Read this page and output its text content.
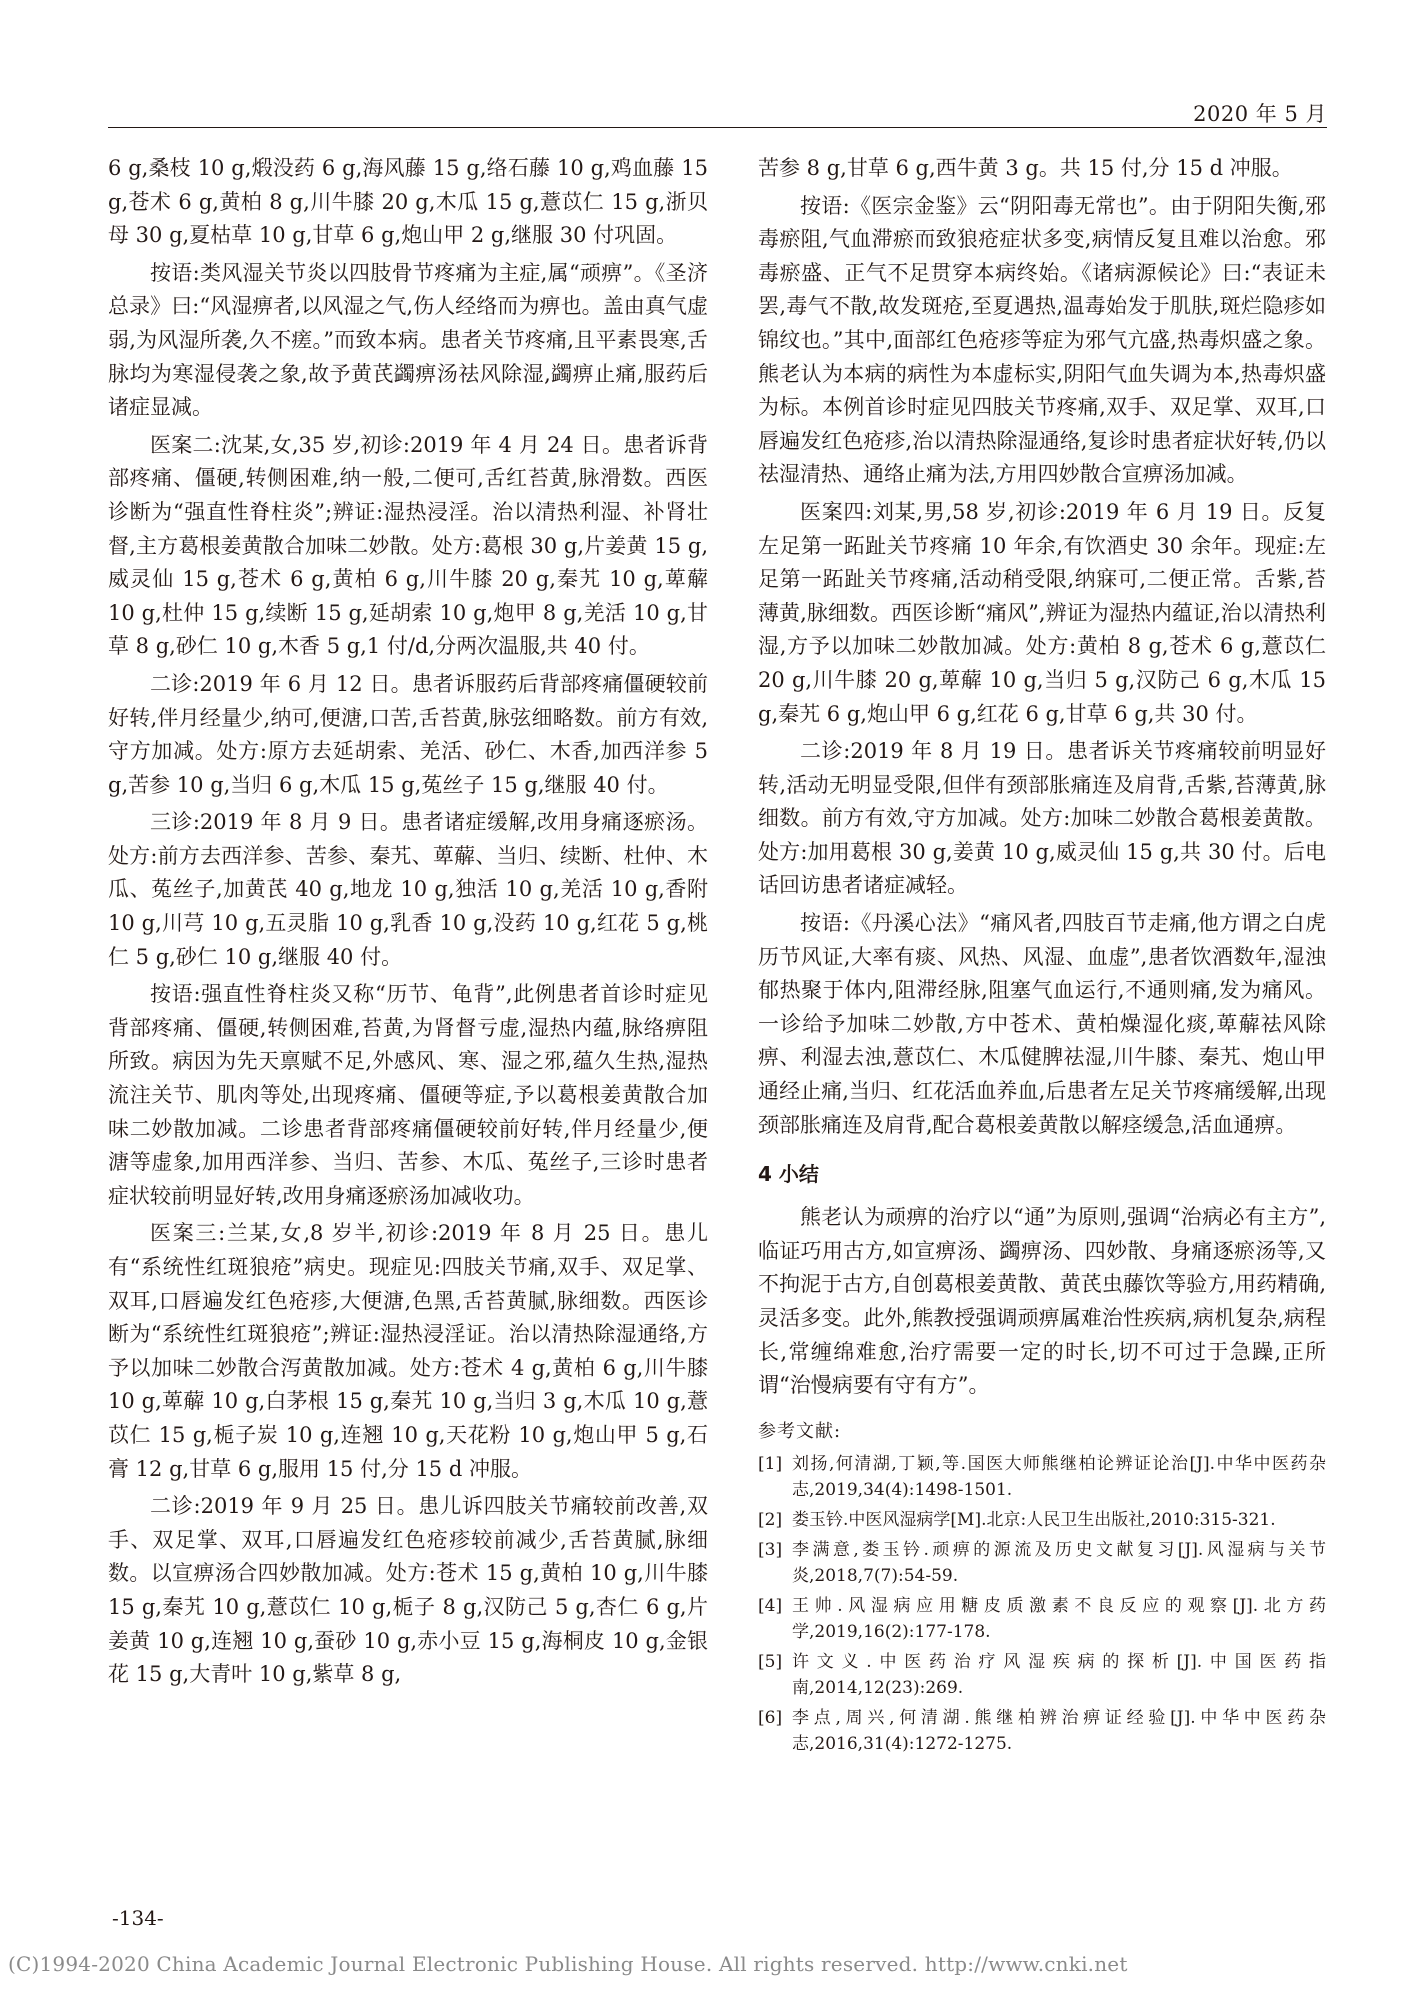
2020 年 5 月

6 g,桑枝 10 g,煅没药 6 g,海风藤 15 g,络石藤 10 g,鸡血藤 15 g,苍术 6 g,黄柏 8 g,川牛膝 20 g,木瓜 15 g,薏苡仁 15 g,浙贝母 30 g,夏枯草 10 g,甘草 6 g,炮山甲 2 g,继服 30 付巩固。

按语:类风湿关节炎以四肢骨节疼痛为主症,属“顽痹”。《圣济总录》曰:“风湿痹者,以风湿之气,伤人经络而为痹也。盖由真气虚弱,为风湿所袭,久不瘥。”而致本病。患者关节疼痛,且平素畏寒,舌脉均为寒湿侵袭之象,故予黄芪蠲痹汤祛风除湿,蠲痹止痛,服药后诸症显减。

医案二:沈某,女,35 岁,初诊:2019 年 4 月 24 日。患者诉背部疼痛、僵硬,转侧困难,纳一般,二便可,舌红苔黄,脉滑数。西医诊断为“强直性脊柱炎”;辨证:湿热浸淫。治以清热利湿、补肾壮督,主方葛根姜黄散合加味二妙散。处方:葛根 30 g,片姜黄 15 g,威灵仙 15 g,苍术 6 g,黄柏 6 g,川牛膝 20 g,秦艽 10 g,萆薢 10 g,杜仲 15 g,续断 15 g,延胡索 10 g,炮甲 8 g,羌活 10 g,甘草 8 g,砂仁 10 g,木香 5 g,1 付/d,分两次温服,共 40 付。

二诊:2019 年 6 月 12 日。患者诉服药后背部疼痛僵硬较前好转,伴月经量少,纳可,便溏,口苦,舌苔黄,脉弦细略数。前方有效,守方加减。处方:原方去延胡索、羌活、砂仁、木香,加西洋参 5 g,苦参 10 g,当归 6 g,木瓜 15 g,菟丝子 15 g,继服 40 付。

三诊:2019 年 8 月 9 日。患者诸症缓解,改用身痛逐瘀汤。处方:前方去西洋参、苦参、秦艽、萆薢、当归、续断、杜仲、木瓜、菟丝子,加黄芪 40 g,地龙 10 g,独活 10 g,羌活 10 g,香附 10 g,川芎 10 g,五灵脂 10 g,乳香 10 g,没药 10 g,红花 5 g,桃仁 5 g,砂仁 10 g,继服 40 付。

按语:强直性脊柱炎又称“历节、龟背”,此例患者首诊时症见背部疼痛、僵硬,转侧困难,苔黄,为肾督亏虚,湿热内蕴,脉络痹阻所致。病因为先天禀赋不足,外感风、寒、湿之邪,蕴久生热,湿热流注关节、肌肉等处,出现疼痛、僵硬等症,予以葛根姜黄散合加味二妙散加减。二诊患者背部疼痛僵硬较前好转,伴月经量少,便溏等虚象,加用西洋参、当归、苦参、木瓜、菟丝子,三诊时患者症状较前明显好转,改用身痛逐瘀汤加减收功。

医案三:兰某,女,8 岁半,初诊:2019 年 8 月 25 日。患儿有“系统性红斑狼疮”病史。现症见:四肢关节痛,双手、双足掌、双耳,口唇遍发红色疮疹,大便溏,色黑,舌苔黄腻,脉细数。西医诊断为“系统性红斑狼疮”;辨证:湿热浸淫证。治以清热除湿通络,方予以加味二妙散合泻黄散加减。处方:苍术 4 g,黄柏 6 g,川牛膝 10 g,萆薢 10 g,白茅根 15 g,秦艽 10 g,当归 3 g,木瓜 10 g,薏苡仁 15 g,栀子炭 10 g,连翘 10 g,天花粉 10 g,炮山甲 5 g,石膏 12 g,甘草 6 g,服用 15 付,分 15 d 冲服。

二诊:2019 年 9 月 25 日。患儿诉四肢关节痛较前改善,双手、双足掌、双耳,口唇遍发红色疮疹较前减少,舌苔黄腻,脉细数。以宣痹汤合四妙散加减。处方:苍术 15 g,黄柏 10 g,川牛膝 15 g,秦艽 10 g,薏苡仁 10 g,栀子 8 g,汉防己 5 g,杏仁 6 g,片姜黄 10 g,连翘 10 g,蚕砂 10 g,赤小豆 15 g,海桐皮 10 g,金银花 15 g,大青叶 10 g,紫草 8 g,

苦参 8 g,甘草 6 g,西牛黄 3 g。共 15 付,分 15 d 冲服。

按语:《医宗金鉴》云“阴阳毒无常也”。由于阴阳失衡,邪毒瘀阻,气血滞瘀而致狼疮症状多变,病情反复且难以治愈。邪毒瘀盛、正气不足贯穿本病终始。《诸病源候论》曰:“表证未罢,毒气不散,故发斑疮,至夏遇热,温毒始发于肌肤,斑烂隐疹如锦纹也。”其中,面部红色疮疹等症为邪气亢盛,热毒炽盛之象。熊老认为本病的病性为本虚标实,阴阳气血失调为本,热毒炽盛为标。本例首诊时症见四肢关节疼痛,双手、双足掌、双耳,口唇遍发红色疮疹,治以清热除湿通络,复诊时患者症状好转,仍以祛湿清热、通络止痛为法,方用四妙散合宣痹汤加减。

医案四:刘某,男,58 岁,初诊:2019 年 6 月 19 日。反复左足第一跖趾关节疼痛 10 年余,有饮酒史 30 余年。现症:左足第一跖趾关节疼痛,活动稍受限,纳寐可,二便正常。舌紫,苔薄黄,脉细数。西医诊断“痛风”,辨证为湿热内蕴证,治以清热利湿,方予以加味二妙散加减。处方:黄柏 8 g,苍术 6 g,薏苡仁 20 g,川牛膝 20 g,萆薢 10 g,当归 5 g,汉防己 6 g,木瓜 15 g,秦艽 6 g,炮山甲 6 g,红花 6 g,甘草 6 g,共 30 付。

二诊:2019 年 8 月 19 日。患者诉关节疼痛较前明显好转,活动无明显受限,但伴有颈部胀痛连及肩背,舌紫,苔薄黄,脉细数。前方有效,守方加减。处方:加味二妙散合葛根姜黄散。处方:加用葛根 30 g,姜黄 10 g,威灵仙 15 g,共 30 付。后电话回访患者诸症减轻。

按语:《丹溪心法》“痛风者,四肢百节走痛,他方谓之白虎历节风证,大率有痰、风热、风湿、血虚”,患者饮酒数年,湿浊郁热聚于体内,阻滞经脉,阻塞气血运行,不通则痛,发为痛风。一诊给予加味二妙散,方中苍术、黄柏燥湿化痰,萆薢祛风除痹、利湿去浊,薏苡仁、木瓜健脾祛湿,川牛膝、秦艽、炮山甲通经止痛,当归、红花活血养血,后患者左足关节疼痛缓解,出现颈部胀痛连及肩背,配合葛根姜黄散以解痉缓急,活血通痹。

4 小结

熊老认为顽痹的治疗以“通”为原则,强调“治病必有主方”,临证巧用古方,如宣痹汤、蠲痹汤、四妙散、身痛逐瘀汤等,又不拘泥于古方,自创葛根姜黄散、黄芪虫藤饮等验方,用药精确,灵活多变。此外,熊教授强调顽痹属难治性疾病,病机复杂,病程长,常缠绵难愈,治疗需要一定的时长,切不可过于急躁,正所谓“治慢病要有守有方”。

参考文献:
[1] 刘扬,何清湖,丁颖,等.国医大师熊继柏论辨证论治[J].中华中医药杂志,2019,34(4):1498-1501.
[2] 娄玉钤.中医风湿病学[M].北京:人民卫生出版社,2010:315-321.
[3] 李满意,娄玉钤.顽痹的源流及历史文献复习[J].风湿病与关节炎,2018,7(7):54-59.
[4] 王帅.风湿病应用糖皮质激素不良反应的观察[J].北方药学,2019,16(2):177-178.
[5] 许文义.中医药治疗风湿疾病的探析[J].中国医药指南,2014,12(23):269.
[6] 李点,周兴,何清湖.熊继柏辨治痹证经验[J].中华中医药杂志,2016,31(4):1272-1275.
-134-
(C)1994-2020 China Academic Journal Electronic Publishing House. All rights reserved. http://www.cnki.net
